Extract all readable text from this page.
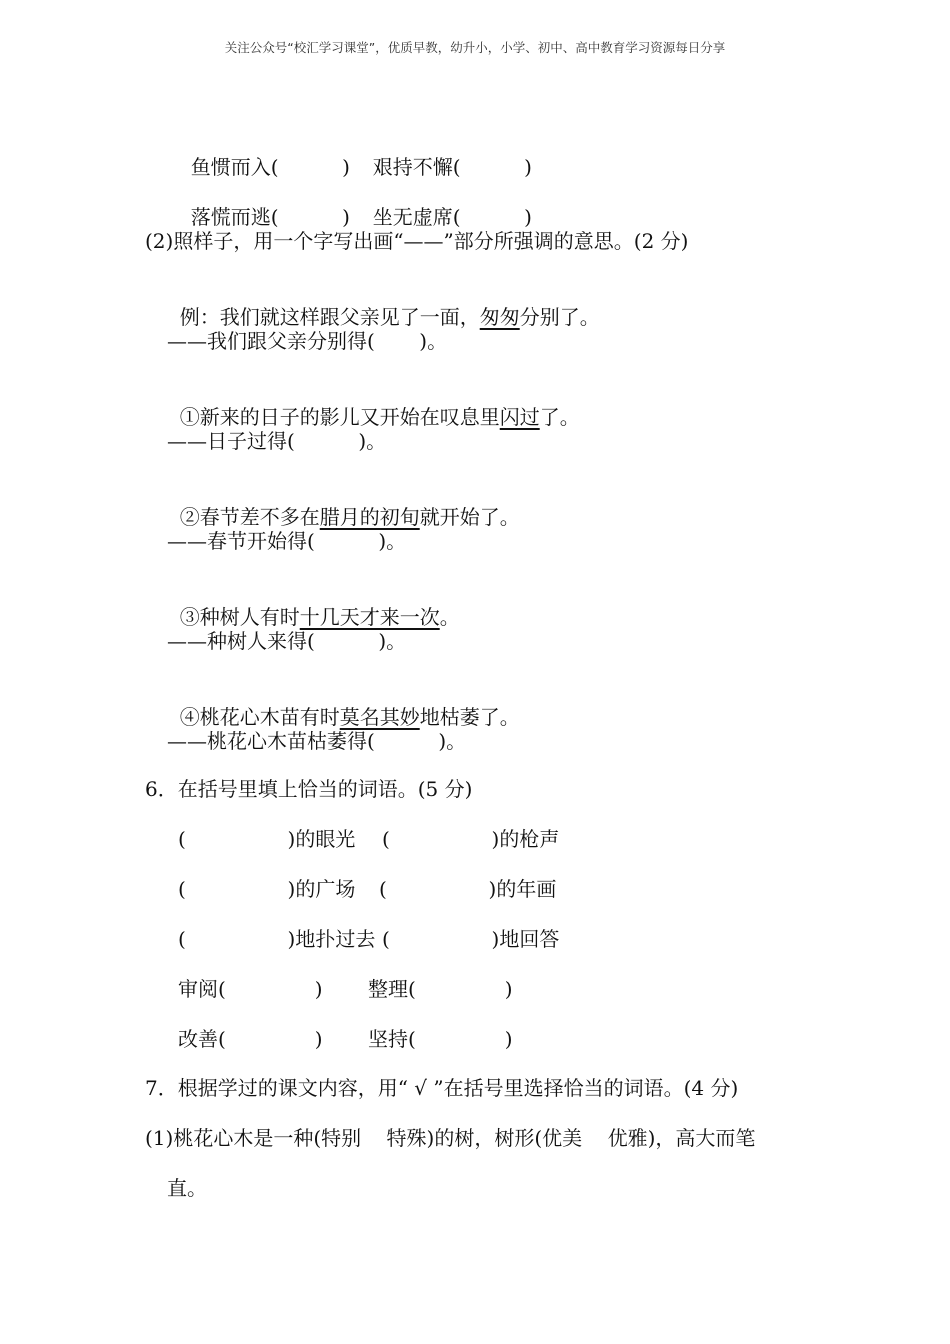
关注公众号“校汇学习课堂”，优质早教，幼升小，小学、初中、高中教育学习资源每日分享

鱼惯而入(          )	艰持不懈(          )

落慌而逃(          )	坐无虚席(          )

(2)照样子，用一个字写出画“——”部分所强调的意思。(2 分)

例：我们就这样跟父亲见了一面，匆匆分别了。

——我们跟父亲分别得(       )。

①新来的日子的影儿又开始在叹息里闪过了。

——日子过得(          )。

②春节差不多在腊月的初旬就开始了。

——春节开始得(          )。

③种树人有时十几天才来一次。

——种树人来得(          )。

④桃花心木苗有时莫名其妙地枯萎了。

——桃花心木苗枯萎得(          )。
6．在括号里填上恰当的词语。(5 分)
(                )的眼光 (                )的枪声
(                )的广场 (                )的年画
(                )地扑过去 (                )地回答
审阅(              ) 整理(              )
改善(              ) 坚持(              )
7．根据学过的课文内容，用“ √ ”在括号里选择恰当的词语。(4 分)
(1)桃花心木是一种(特别    特殊)的树，树形(优美    优雅)，高大而笔
直。
